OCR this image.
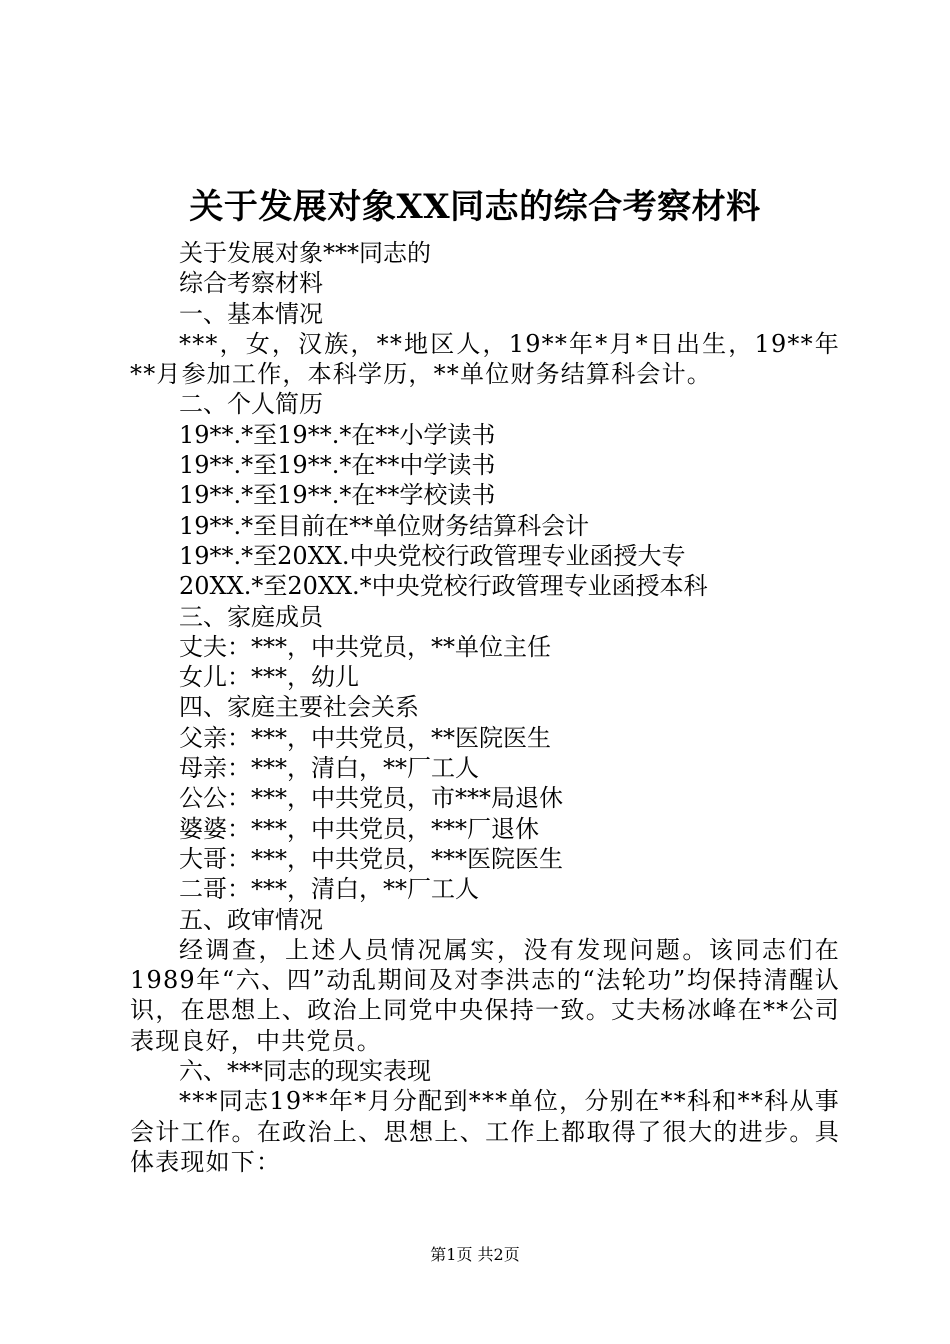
关于发展对象XX同志的综合考察材料
关于发展对象***同志的
综合考察材料
一、基本情况
***，女，汉族，**地区人，19**年*月*日出生，19**年**月参加工作，本科学历，**单位财务结算科会计。
二、个人简历
19**.*至19**.*在**小学读书
19**.*至19**.*在**中学读书
19**.*至19**.*在**学校读书
19**.*至目前在**单位财务结算科会计
19**.*至20XX.中央党校行政管理专业函授大专
20XX.*至20XX.*中央党校行政管理专业函授本科
三、家庭成员
丈夫：***，中共党员，**单位主任
女儿：***，幼儿
四、家庭主要社会关系
父亲：***，中共党员，**医院医生
母亲：***，清白，**厂工人
公公：***，中共党员，市***局退休
婆婆：***，中共党员，***厂退休
大哥：***，中共党员，***医院医生
二哥：***，清白，**厂工人
五、政审情况
经调查，上述人员情况属实，没有发现问题。该同志们在1989年“六、四”动乱期间及对李洪志的“法轮功”均保持清醒认识，在思想上、政治上同党中央保持一致。丈夫杨冰峰在**公司表现良好，中共党员。
六、***同志的现实表现
***同志19**年*月分配到***单位，分别在**科和**科从事会计工作。在政治上、思想上、工作上都取得了很大的进步。具体表现如下：
第1页 共2页
